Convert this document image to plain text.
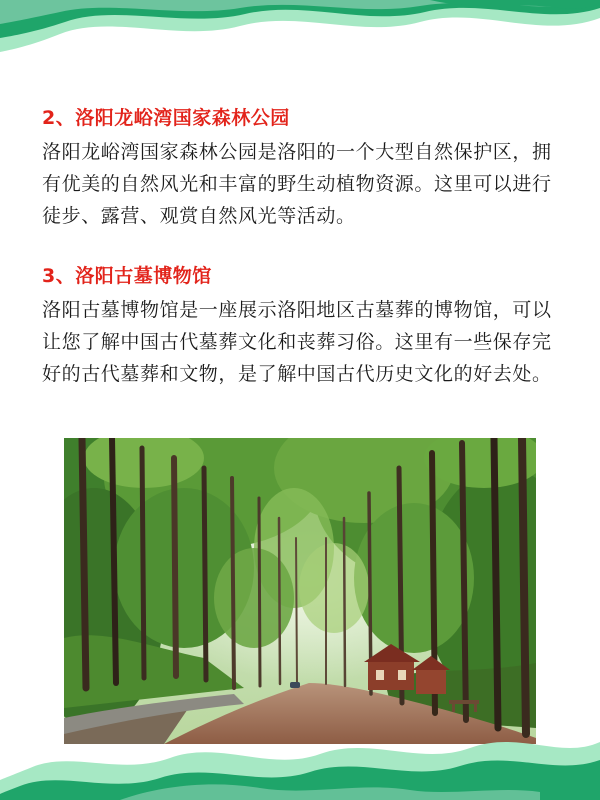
2、洛阳龙峪湾国家森林公园

洛阳龙峪湾国家森林公园是洛阳的一个大型自然保护区，拥有优美的自然风光和丰富的野生动植物资源。这里可以进行徒步、露营、观赏自然风光等活动。

3、洛阳古墓博物馆

洛阳古墓博物馆是一座展示洛阳地区古墓葬的博物馆，可以让您了解中国古代墓葬文化和丧葬习俗。这里有一些保存完好的古代墓葬和文物，是了解中国古代历史文化的好去处。
